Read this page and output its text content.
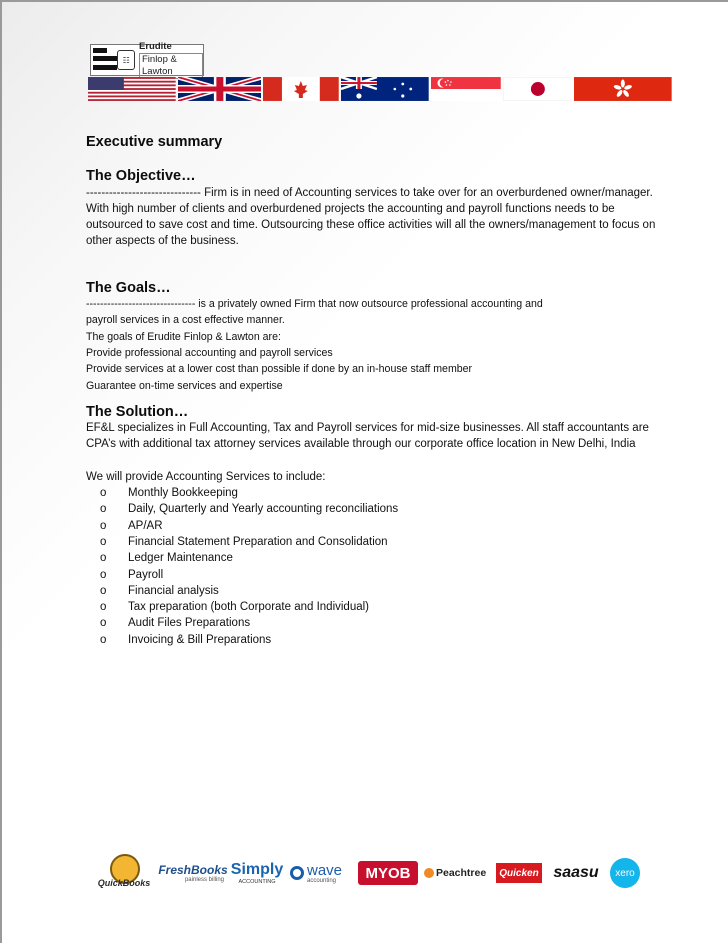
☷
Erudite
Finlop & Lawton
Executive summary
The Objective…

------------------------------ Firm is in need of Accounting services to take over for an overburdened owner/manager. With high number of clients and overburdened projects the accounting and payroll functions needs to be outsourced to save cost and time. Outsourcing these office activities will all the owners/management to focus on other aspects of the business.

The Goals…

------------------------------- is a privately owned Firm that now outsource professional accounting and

payroll services in a cost effective manner.

The goals of Erudite Finlop & Lawton are:

Provide professional accounting and payroll services

Provide services at a lower cost than possible if done by an in-house staff member

Guarantee on-time services and expertise

The Solution…

EF&L specializes in Full Accounting, Tax and Payroll services for mid-size businesses. All staff accountants are CPA’s with additional tax attorney services available through our corporate office location in New Delhi, India

We will provide Accounting Services to include:

o	Monthly Bookkeeping
o	Daily, Quarterly and Yearly accounting reconciliations
o	AP/AR
o	Financial Statement Preparation and Consolidation
o	Ledger Maintenance
o	Payroll
o	Financial analysis
o	Tax preparation (both Corporate and Individual)
o	Audit Files Preparations
o	Invoicing & Bill Preparations
QuickBooks
FreshBooks
painless billing
Simply
ACCOUNTING
wave
accounting	MYOB	Peachtree	Quicken saasu	xero
